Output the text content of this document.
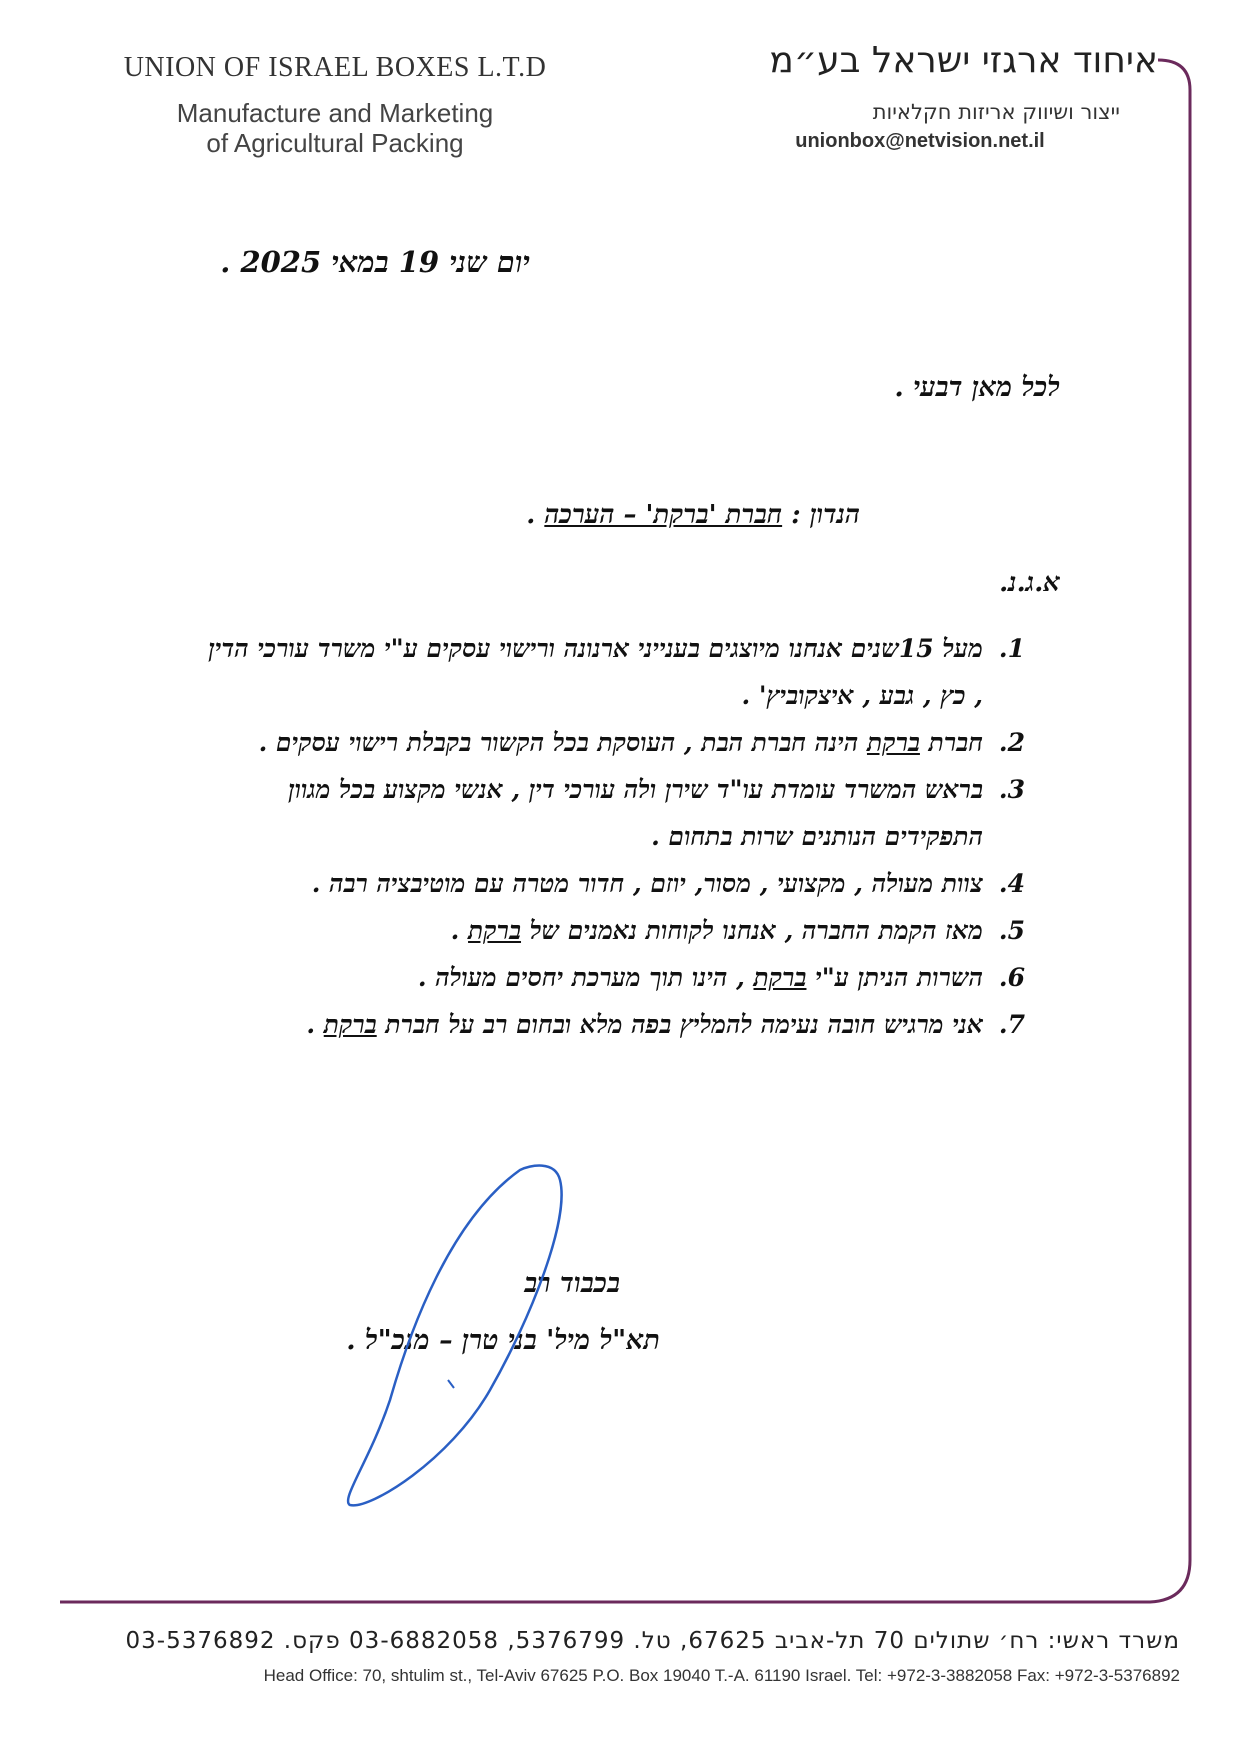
UNION OF ISRAEL BOXES L.T.D
Manufacture and Marketing
of Agricultural Packing
איחוד ארגזי ישראל בע״מ
ייצור ושיווק אריזות חקלאיות
unionbox@netvision.net.il
יום שני 19 במאי 2025 .
לכל מאן דבעי .
הנדון : חברת 'ברקת' – הערכה .
א.ג.נ.
1.
מעל 15שנים אנחנו מיוצגים בענייני ארנונה ורישוי עסקים ע"י משרד עורכי הדין , כץ , גבע , איצקוביץ' .
2.
חברת ברקת הינה חברת הבת , העוסקת בכל הקשור בקבלת רישוי עסקים .
3.
בראש המשרד עומדת עו"ד שירן ולה עורכי דין , אנשי מקצוע בכל מגוון התפקידים הנותנים שרות בתחום .
4.
צוות מעולה , מקצועי , מסור, יוזם , חדור מטרה עם מוטיבציה רבה .
5.
מאז הקמת החברה , אנחנו לקוחות נאמנים של ברקת .
6.
השרות הניתן ע"י ברקת , הינו תוך מערכת יחסים מעולה .
7.
אני מרגיש חובה נעימה להמליץ בפה מלא ובחום רב על חברת ברקת .
בכבוד רב
תא"ל מיל' בני טרן – מנכ"ל .
משרד ראשי: רח׳ שתולים 70 תל-אביב 67625, טל. 5376799, 03-6882058 פקס. 03-5376892
Head Office: 70, shtulim st., Tel-Aviv 67625 P.O. Box 19040 T.-A. 61190 Israel. Tel: +972-3-3882058 Fax: +972-3-5376892
